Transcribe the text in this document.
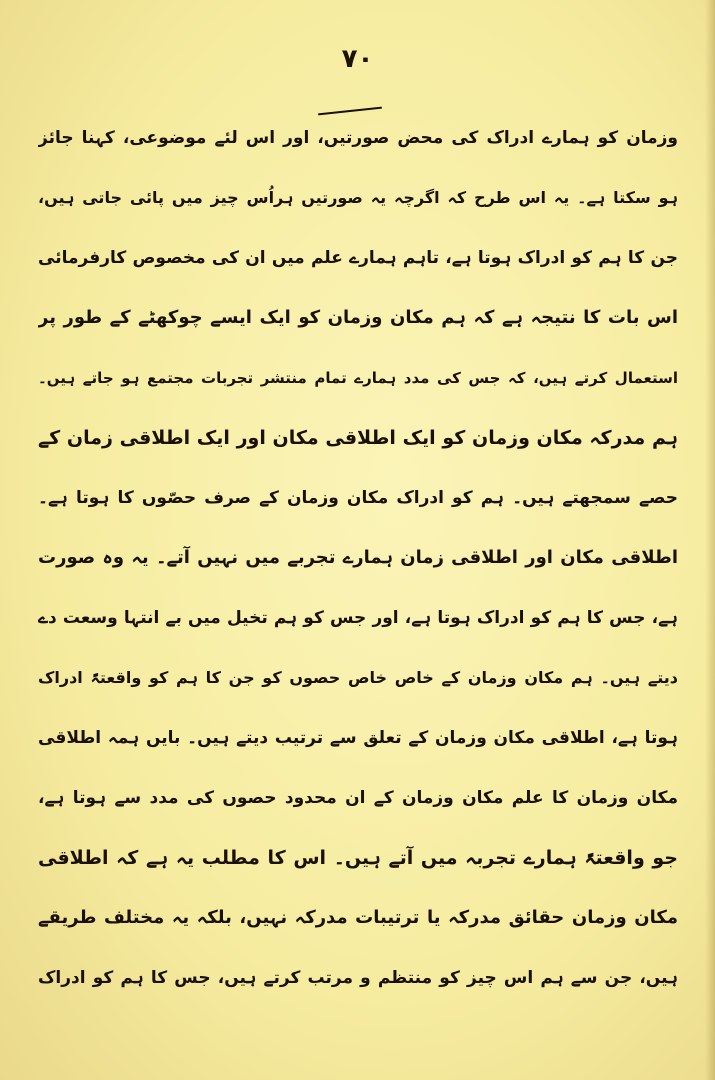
۷۰
وزمان کو ہمارے ادراک کی محض صورتیں، اور اس لئے موضوعی، کہنا جائز
ہو سکتا ہے۔ یہ اس طرح کہ اگرچہ یہ صورتیں ہراُس چیز میں پائی جاتی ہیں،
جن کا ہم کو ادراک ہوتا ہے، تاہم ہمارے علم میں ان کی مخصوص کارفرمائی
اس بات کا نتیجہ ہے کہ ہم مکان وزمان کو ایک ایسے چوکھٹے کے طور پر
استعمال کرتے ہیں، کہ جس کی مدد ہمارے تمام منتشر تجربات مجتمع ہو جاتے ہیں۔
ہم مدرکہ مکان وزمان کو ایک اطلاقی مکان اور ایک اطلاقی زمان کے
حصے سمجھتے ہیں۔ ہم کو ادراک مکان وزمان کے صرف حصّوں کا ہوتا ہے۔
اطلاقی مکان اور اطلاقی زمان ہمارے تجربے میں نہیں آتے۔ یہ وہ صورت
ہے، جس کا ہم کو ادراک ہوتا ہے، اور جس کو ہم تخیل میں بے انتہا وسعت دے
دیتے ہیں۔ ہم مکان وزمان کے خاص خاص حصوں کو جن کا ہم کو واقعتہً ادراک
ہوتا ہے، اطلاقی مکان وزمان کے تعلق سے ترتیب دیتے ہیں۔ بایں ہمہ اطلاقی
مکان وزمان کا علم مکان وزمان کے ان محدود حصوں کی مدد سے ہوتا ہے،
جو واقعتہً ہمارے تجربہ میں آتے ہیں۔ اس کا مطلب یہ ہے کہ اطلاقی
مکان وزمان حقائق مدرکہ یا ترتیبات مدرکہ نہیں، بلکہ یہ مختلف طریقے
ہیں، جن سے ہم اس چیز کو منتظم و مرتب کرتے ہیں، جس کا ہم کو ادراک
